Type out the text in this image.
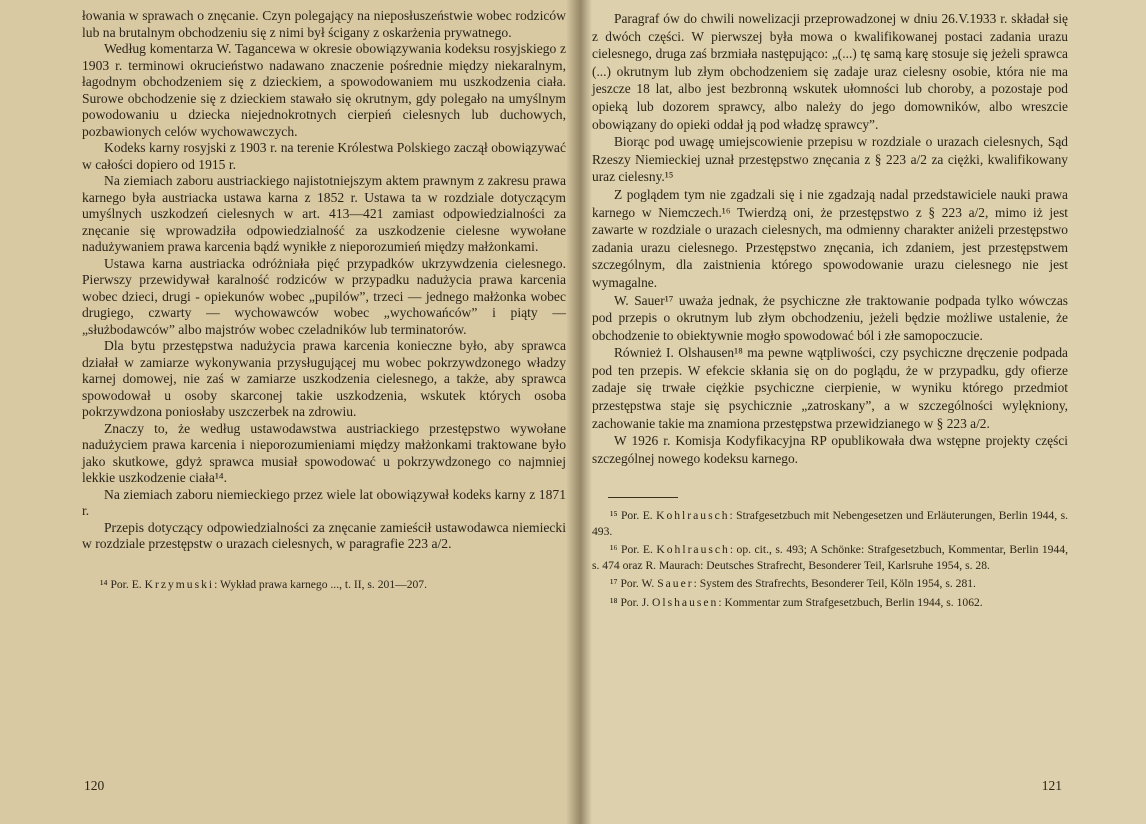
łowania w sprawach o znęcanie. Czyn polegający na nieposłuszeństwie wobec rodziców lub na brutalnym obchodzeniu się z nimi był ścigany z oskarżenia prywatnego.

Według komentarza W. Tagancewa w okresie obowiązywania kodeksu rosyjskiego z 1903 r. terminowi okrucieństwo nadawano znaczenie pośrednie między niekaralnym, łagodnym obchodzeniem się z dzieckiem, a spowodowaniem mu uszkodzenia ciała. Surowe obchodzenie się z dzieckiem stawało się okrutnym, gdy polegało na umyślnym powodowaniu u dziecka niejednokrotnych cierpień cielesnych lub duchowych, pozbawionych celów wychowawczych.

Kodeks karny rosyjski z 1903 r. na terenie Królestwa Polskiego zaczął obowiązywać w całości dopiero od 1915 r.

Na ziemiach zaboru austriackiego najistotniejszym aktem prawnym z zakresu prawa karnego była austriacka ustawa karna z 1852 r. Ustawa ta w rozdziale dotyczącym umyślnych uszkodzeń cielesnych w art. 413—421 zamiast odpowiedzialności za znęcanie się wprowadziła odpowiedzialność za uszkodzenie cielesne wywołane nadużywaniem prawa karcenia bądź wynikłe z nieporozumień między małżonkami.

Ustawa karna austriacka odróżniała pięć przypadków ukrzywdzenia cielesnego. Pierwszy przewidywał karalność rodziców w przypadku nadużycia prawa karcenia wobec dzieci, drugi - opiekunów wobec „pupilów”, trzeci — jednego małżonka wobec drugiego, czwarty — wychowawców wobec „wychowańców” i piąty — „służbodawców” albo majstrów wobec czeladników lub terminatorów.

Dla bytu przestępstwa nadużycia prawa karcenia konieczne było, aby sprawca działał w zamiarze wykonywania przysługującej mu wobec pokrzywdzonego władzy karnej domowej, nie zaś w zamiarze uszkodzenia cielesnego, a także, aby sprawca spowodował u osoby skarconej takie uszkodzenia, wskutek których osoba pokrzywdzona poniosłaby uszczerbek na zdrowiu.

Znaczy to, że według ustawodawstwa austriackiego przestępstwo wywołane nadużyciem prawa karcenia i nieporozumieniami między małżonkami traktowane było jako skutkowe, gdyż sprawca musiał spowodować u pokrzywdzonego co najmniej lekkie uszkodzenie ciała¹⁴.

Na ziemiach zaboru niemieckiego przez wiele lat obowiązywał kodeks karny z 1871 r.

Przepis dotyczący odpowiedzialności za znęcanie zamieścił ustawodawca niemiecki w rozdziale przestępstw o urazach cielesnych, w paragrafie 223 a/2.

¹⁴ Por. E. Krzymuski: Wykład prawa karnego ..., t. II, s. 201—207.

120

Paragraf ów do chwili nowelizacji przeprowadzonej w dniu 26.V.1933 r. składał się z dwóch części. W pierwszej była mowa o kwalifikowanej postaci zadania urazu cielesnego, druga zaś brzmiała następująco: „(...) tę samą karę stosuje się jeżeli sprawca (...) okrutnym lub złym obchodzeniem się zadaje uraz cielesny osobie, która nie ma jeszcze 18 lat, albo jest bezbronną wskutek ułomności lub choroby, a pozostaje pod opieką lub dozorem sprawcy, albo należy do jego domowników, albo wreszcie obowiązany do opieki oddał ją pod władzę sprawcy”.

Biorąc pod uwagę umiejscowienie przepisu w rozdziale o urazach cielesnych, Sąd Rzeszy Niemieckiej uznał przestępstwo znęcania z § 223 a/2 za ciężki, kwalifikowany uraz cielesny.¹⁵

Z poglądem tym nie zgadzali się i nie zgadzają nadal przedstawiciele nauki prawa karnego w Niemczech.¹⁶ Twierdzą oni, że przestępstwo z § 223 a/2, mimo iż jest zawarte w rozdziale o urazach cielesnych, ma odmienny charakter aniżeli przestępstwo zadania urazu cielesnego. Przestępstwo znęcania, ich zdaniem, jest przestępstwem szczególnym, dla zaistnienia którego spowodowanie urazu cielesnego nie jest wymagalne.

W. Sauer¹⁷ uważa jednak, że psychiczne złe traktowanie podpada tylko wówczas pod przepis o okrutnym lub złym obchodzeniu, jeżeli będzie możliwe ustalenie, że obchodzenie to obiektywnie mogło spowodować ból i złe samopoczucie.

Również I. Olshausen¹⁸ ma pewne wątpliwości, czy psychiczne dręczenie podpada pod ten przepis. W efekcie skłania się on do poglądu, że w przypadku, gdy ofierze zadaje się trwałe ciężkie psychiczne cierpienie, w wyniku którego przedmiot przestępstwa staje się psychicznie „zatroskany”, a w szczególności wylękniony, zachowanie takie ma znamiona przestępstwa przewidzianego w § 223 a/2.

W 1926 r. Komisja Kodyfikacyjna RP opublikowała dwa wstępne projekty części szczególnej nowego kodeksu karnego.

¹⁵ Por. E. Kohlrausch: Strafgesetzbuch mit Nebengesetzen und Erläuterungen, Berlin 1944, s. 493.

¹⁶ Por. E. Kohlrausch: op. cit., s. 493; A Schönke: Strafgesetzbuch, Kommentar, Berlin 1944, s. 474 oraz R. Maurach: Deutsches Strafrecht, Besonderer Teil, Karlsruhe 1954, s. 28.

¹⁷ Por. W. Sauer: System des Strafrechts, Besonderer Teil, Köln 1954, s. 281.

¹⁸ Por. J. Olshausen: Kommentar zum Strafgesetzbuch, Berlin 1944, s. 1062.

121
